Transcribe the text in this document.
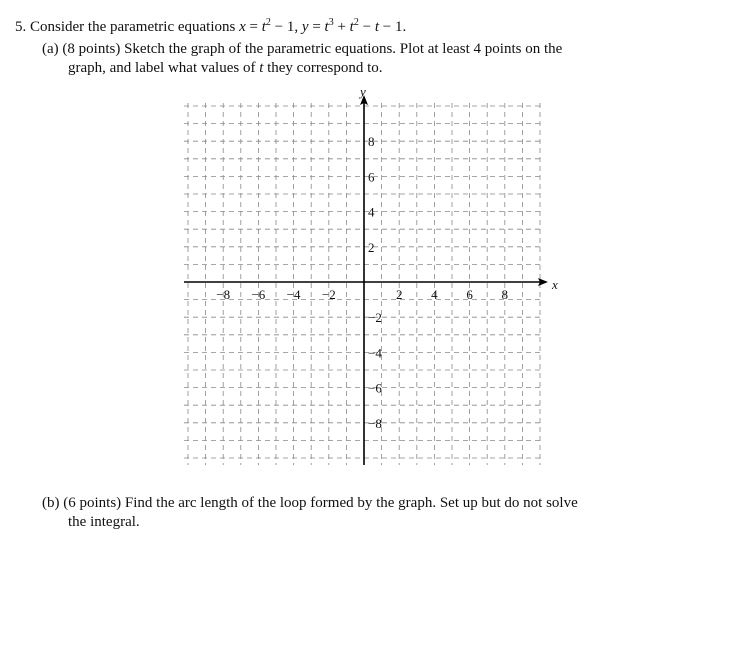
5. Consider the parametric equations $x = t^2 - 1$, $y = t^3 + t^2 - t - 1$.
(a) (8 points) Sketch the graph of the parametric equations. Plot at least 4 points on the
graph, and label what values of t they correspond to.
−8 −6 −4 −2	2 4 6 8
8
6
4
2
−2
−4
−6
−8
y
x
(b) (6 points) Find the arc length of the loop formed by the graph. Set up but do not solve
the integral.
